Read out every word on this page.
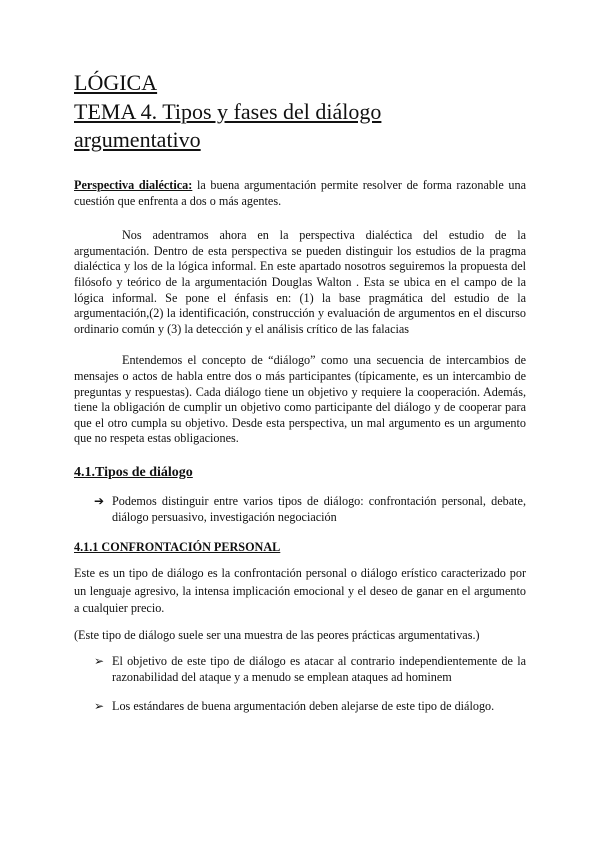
LÓGICA
TEMA 4. Tipos y fases del diálogo
argumentativo

Perspectiva dialéctica: la buena argumentación permite resolver de forma razonable una cuestión que enfrenta a dos o más agentes.

Nos adentramos ahora en la perspectiva dialéctica del estudio de la argumentación. Dentro de esta perspectiva se pueden distinguir los estudios de la pragma dialéctica y los de la lógica informal. En este apartado nosotros seguiremos la propuesta del filósofo y teórico de la argumentación Douglas Walton . Esta se ubica en el campo de la lógica informal. Se pone el énfasis en: (1) la base pragmática del estudio de la argumentación,(2) la identificación, construcción y evaluación de argumentos en el discurso ordinario común y (3) la detección y el análisis crítico de las falacias

Entendemos el concepto de “diálogo” como una secuencia de intercambios de mensajes o actos de habla entre dos o más participantes (típicamente, es un intercambio de preguntas y respuestas). Cada diálogo tiene un objetivo y requiere la cooperación. Además, tiene la obligación de cumplir un objetivo como participante del diálogo y de cooperar para que el otro cumpla su objetivo. Desde esta perspectiva, un mal argumento es un argumento que no respeta estas obligaciones.

4.1.Tipos de diálogo
➔ Podemos distinguir entre varios tipos de diálogo: confrontación personal, debate, diálogo persuasivo, investigación negociación

4.1.1 CONFRONTACIÓN PERSONAL

Este es un tipo de diálogo es la confrontación personal o diálogo erístico caracterizado por un lenguaje agresivo, la intensa implicación emocional y el deseo de ganar en el argumento a cualquier precio.

(Este tipo de diálogo suele ser una muestra de las peores prácticas argumentativas.)

➢ El objetivo de este tipo de diálogo es atacar al contrario independientemente de la razonabilidad del ataque y a menudo se emplean ataques ad hominem

➢ Los estándares de buena argumentación deben alejarse de este tipo de diálogo.
